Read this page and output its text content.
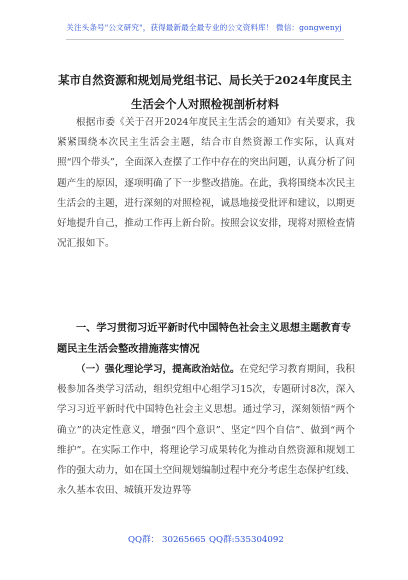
关注头条号"公文研究"，获得最新最全最专业的公文资料库！ 微信：gongwenyj
某市自然资源和规划局党组书记、局长关于2024年度民主
生活会个人对照检视剖析材料
根据市委《关于召开2024年度民主生活会的通知》有关要求，我紧紧围绕本次民主生活会主题，结合市自然资源工作实际，认真对照“四个带头”，全面深入查摆了工作中存在的突出问题，认真分析了问题产生的原因，逐项明确了下一步整改措施。在此，我将围绕本次民主生活会的主题，进行深刻的对照检视，诚恳地接受批评和建议，以期更好地提升自己，推动工作再上新台阶。按照会议安排，现将对照检查情况汇报如下。
一、学习贯彻习近平新时代中国特色社会主义思想主题教育专题民主生活会整改措施落实情况
（一）强化理论学习，提高政治站位。在党纪学习教育期间，我积极参加各类学习活动，组织党组中心组学习15次，专题研讨8次，深入学习习近平新时代中国特色社会主义思想。通过学习，深刻领悟“两个确立”的决定性意义，增强“四个意识”、坚定“四个自信”、做到“两个维护”。在实际工作中，将理论学习成果转化为推动自然资源和规划工作的强大动力，如在国土空间规划编制过程中充分考虑生态保护红线、永久基本农田、城镇开发边界等
QQ群： 30265665 QQ群:535304092
